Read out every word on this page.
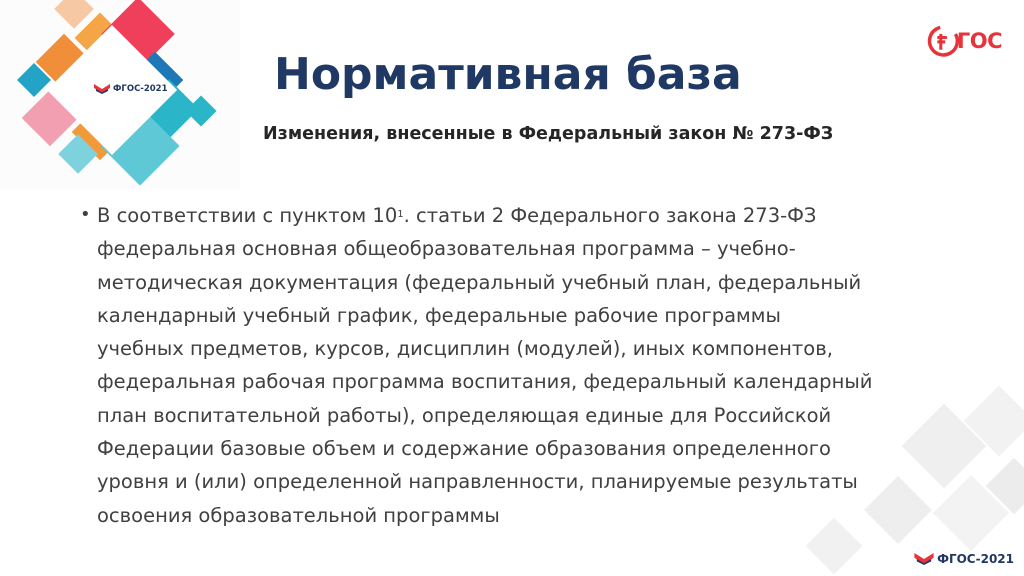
ФГОС-2021 Нормативная база
Изменения, внесенные в Федеральный закон № 273-ФЗ
ГОС
• В соответствии с пунктом $10^1$. статьи 2 Федерального закона 273-ФЗ
федеральная основная общеобразовательная программа – учебно-
методическая документация (федеральный учебный план, федеральный
календарный учебный график, федеральные рабочие программы
учебных предметов, курсов, дисциплин (модулей), иных компонентов,
федеральная рабочая программа воспитания, федеральный календарный
план воспитательной работы), определяющая единые для Российской
Федерации базовые объем и содержание образования определенного
уровня и (или) определенной направленности, планируемые результаты
освоения образовательной программы
ФГОС-2021
